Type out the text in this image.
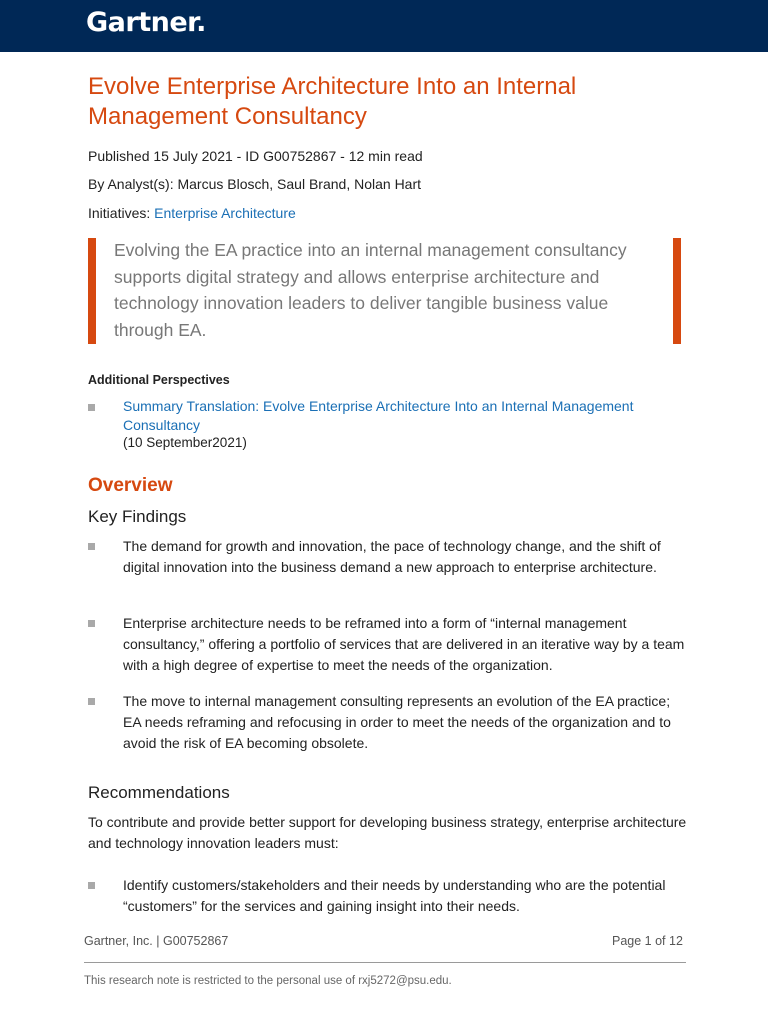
Gartner.
Evolve Enterprise Architecture Into an Internal Management Consultancy
Published 15 July 2021 - ID G00752867 - 12 min read
By Analyst(s): Marcus Blosch, Saul Brand, Nolan Hart
Initiatives: Enterprise Architecture
Evolving the EA practice into an internal management consultancy supports digital strategy and allows enterprise architecture and technology innovation leaders to deliver tangible business value through EA.
Additional Perspectives
Summary Translation: Evolve Enterprise Architecture Into an Internal Management Consultancy
(10 September2021)
Overview
Key Findings
The demand for growth and innovation, the pace of technology change, and the shift of digital innovation into the business demand a new approach to enterprise architecture.
Enterprise architecture needs to be reframed into a form of “internal management consultancy,” offering a portfolio of services that are delivered in an iterative way by a team with a high degree of expertise to meet the needs of the organization.
The move to internal management consulting represents an evolution of the EA practice; EA needs reframing and refocusing in order to meet the needs of the organization and to avoid the risk of EA becoming obsolete.
Recommendations
To contribute and provide better support for developing business strategy, enterprise architecture and technology innovation leaders must:
Identify customers/stakeholders and their needs by understanding who are the potential “customers” for the services and gaining insight into their needs.
Gartner, Inc. | G00752867	Page 1 of 12
This research note is restricted to the personal use of rxj5272@psu.edu.
